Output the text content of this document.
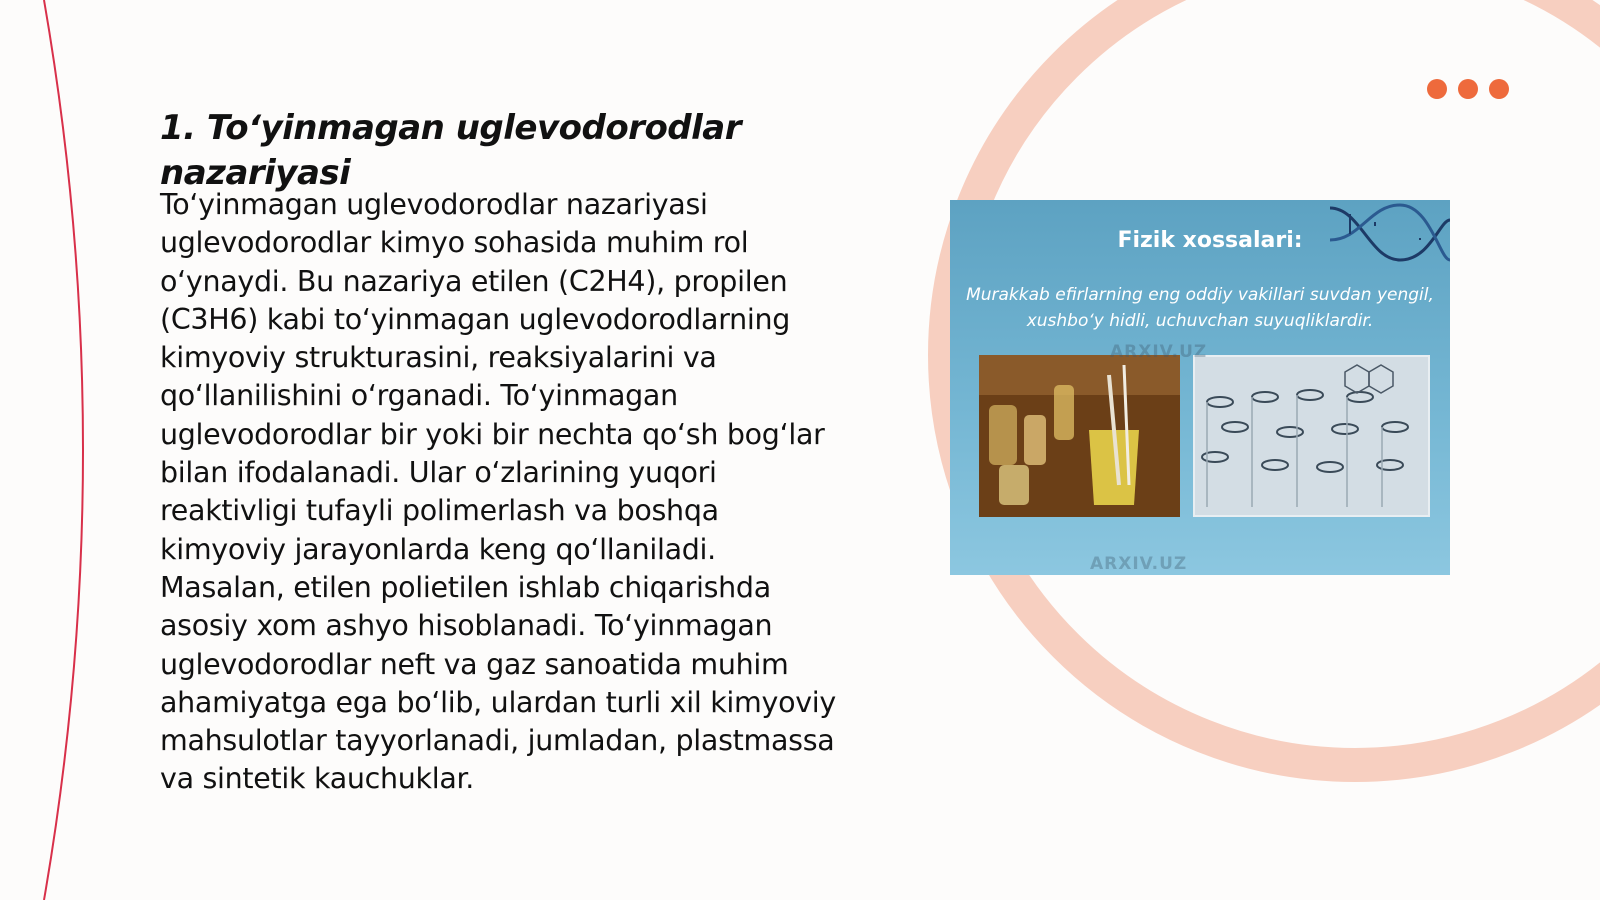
1. To‘yinmagan uglevodorodlar nazariyasi

To‘yinmagan uglevodorodlar nazariyasi uglevodorodlar kimyo sohasida muhim rol o‘ynaydi. Bu nazariya etilen (C2H4), propilen (C3H6) kabi to‘yinmagan uglevodorodlarning kimyoviy strukturasini, reaksiyalarini va qo‘llanilishini o‘rganadi. To‘yinmagan uglevodorodlar bir yoki bir nechta qo‘sh bog‘lar bilan ifodalanadi. Ular o‘zlarining yuqori reaktivligi tufayli polimerlash va boshqa kimyoviy jarayonlarda keng qo‘llaniladi. Masalan, etilen polietilen ishlab chiqarishda asosiy xom ashyo hisoblanadi. To‘yinmagan uglevodorodlar neft va gaz sanoatida muhim ahamiyatga ega bo‘lib, ulardan turli xil kimyoviy mahsulotlar tayyorlanadi, jumladan, plastmassa va sintetik kauchuklar.

Fizik xossalari:
Murakkab efirlarning eng oddiy vakillari suvdan yengil, xushbo‘y hidli, uchuvchan suyuqliklardir.
ARXIV.UZ
ARXIV.UZ
